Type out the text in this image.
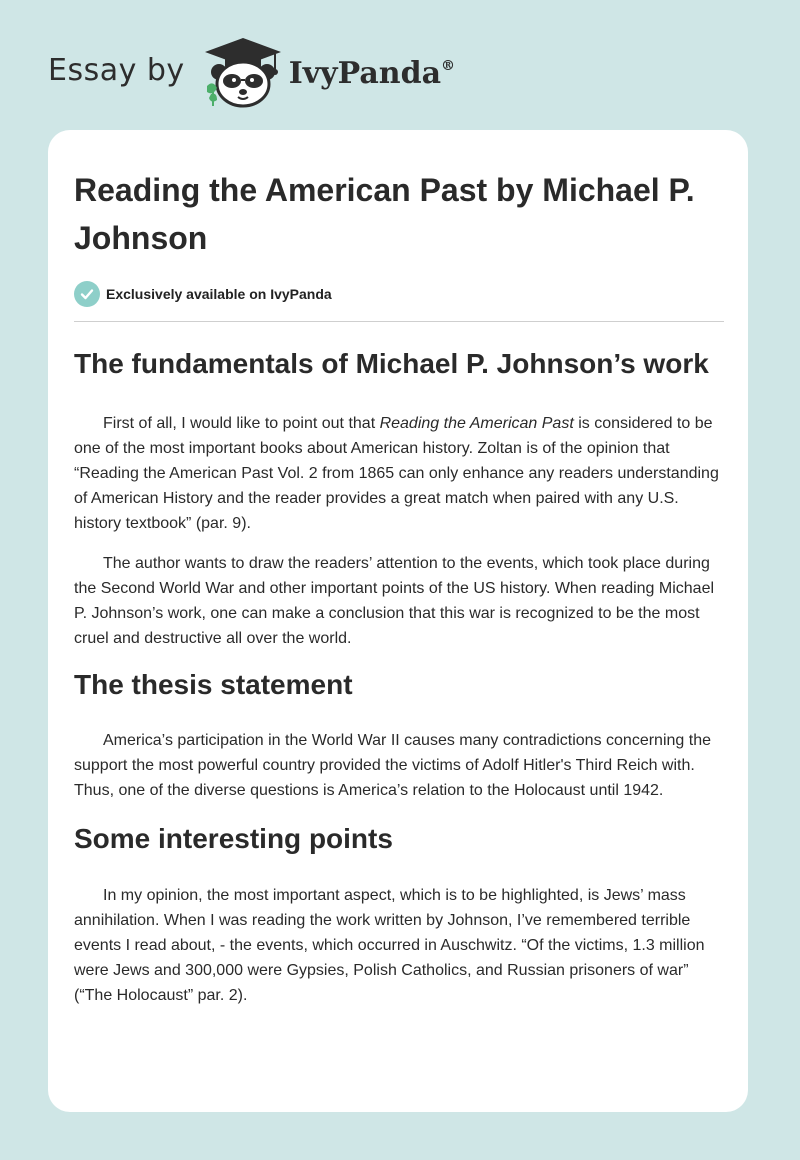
Essay by	IvyPanda®
Reading the American Past by Michael P. Johnson
Exclusively available on IvyPanda
The fundamentals of Michael P. Johnson’s work

First of all, I would like to point out that Reading the American Past is considered to be one of the most important books about American history. Zoltan is of the opinion that “Reading the American Past Vol. 2 from 1865 can only enhance any readers understanding of American History and the reader provides a great match when paired with any U.S. history textbook” (par. 9).

The author wants to draw the readers’ attention to the events, which took place during the Second World War and other important points of the US history. When reading Michael P. Johnson’s work, one can make a conclusion that this war is recognized to be the most cruel and destructive all over the world.

The thesis statement

America’s participation in the World War II causes many contradictions concerning the support the most powerful country provided the victims of Adolf Hitler's Third Reich with. Thus, one of the diverse questions is America’s relation to the Holocaust until 1942.

Some interesting points

In my opinion, the most important aspect, which is to be highlighted, is Jews’ mass annihilation. When I was reading the work written by Johnson, I’ve remembered terrible events I read about, - the events, which occurred in Auschwitz. “Of the victims, 1.3 million were Jews and 300,000 were Gypsies, Polish Catholics, and Russian prisoners of war” (“The Holocaust” par. 2).
